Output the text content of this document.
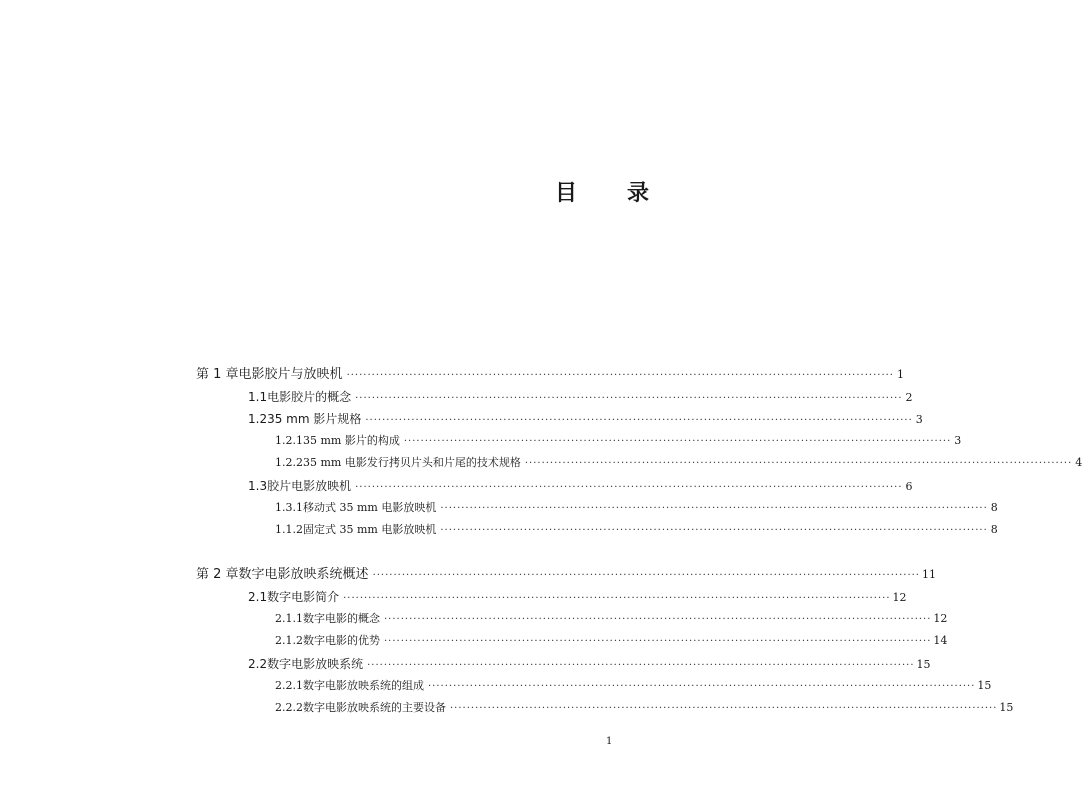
目　录
第 1 章 电影胶片与放映机 ··································································································································· 1
1.1 电影胶片的概念 ··································································································································· 2
1.2 35 mm 影片规格 ··································································································································· 3
1.2.1 35 mm 影片的构成 ··································································································································· 3
1.2.2 35 mm 电影发行拷贝片头和片尾的技术规格 ··································································································································· 4
1.3 胶片电影放映机 ··································································································································· 6
1.3.1 移动式 35 mm 电影放映机 ··································································································································· 8
1.1.2 固定式 35 mm 电影放映机 ··································································································································· 8
第 2 章 数字电影放映系统概述 ··································································································································· 11
2.1 数字电影简介 ··································································································································· 12
2.1.1 数字电影的概念 ··································································································································· 12
2.1.2 数字电影的优势 ··································································································································· 14
2.2 数字电影放映系统 ··································································································································· 15
2.2.1 数字电影放映系统的组成 ··································································································································· 15
2.2.2 数字电影放映系统的主要设备 ··································································································································· 15
1
